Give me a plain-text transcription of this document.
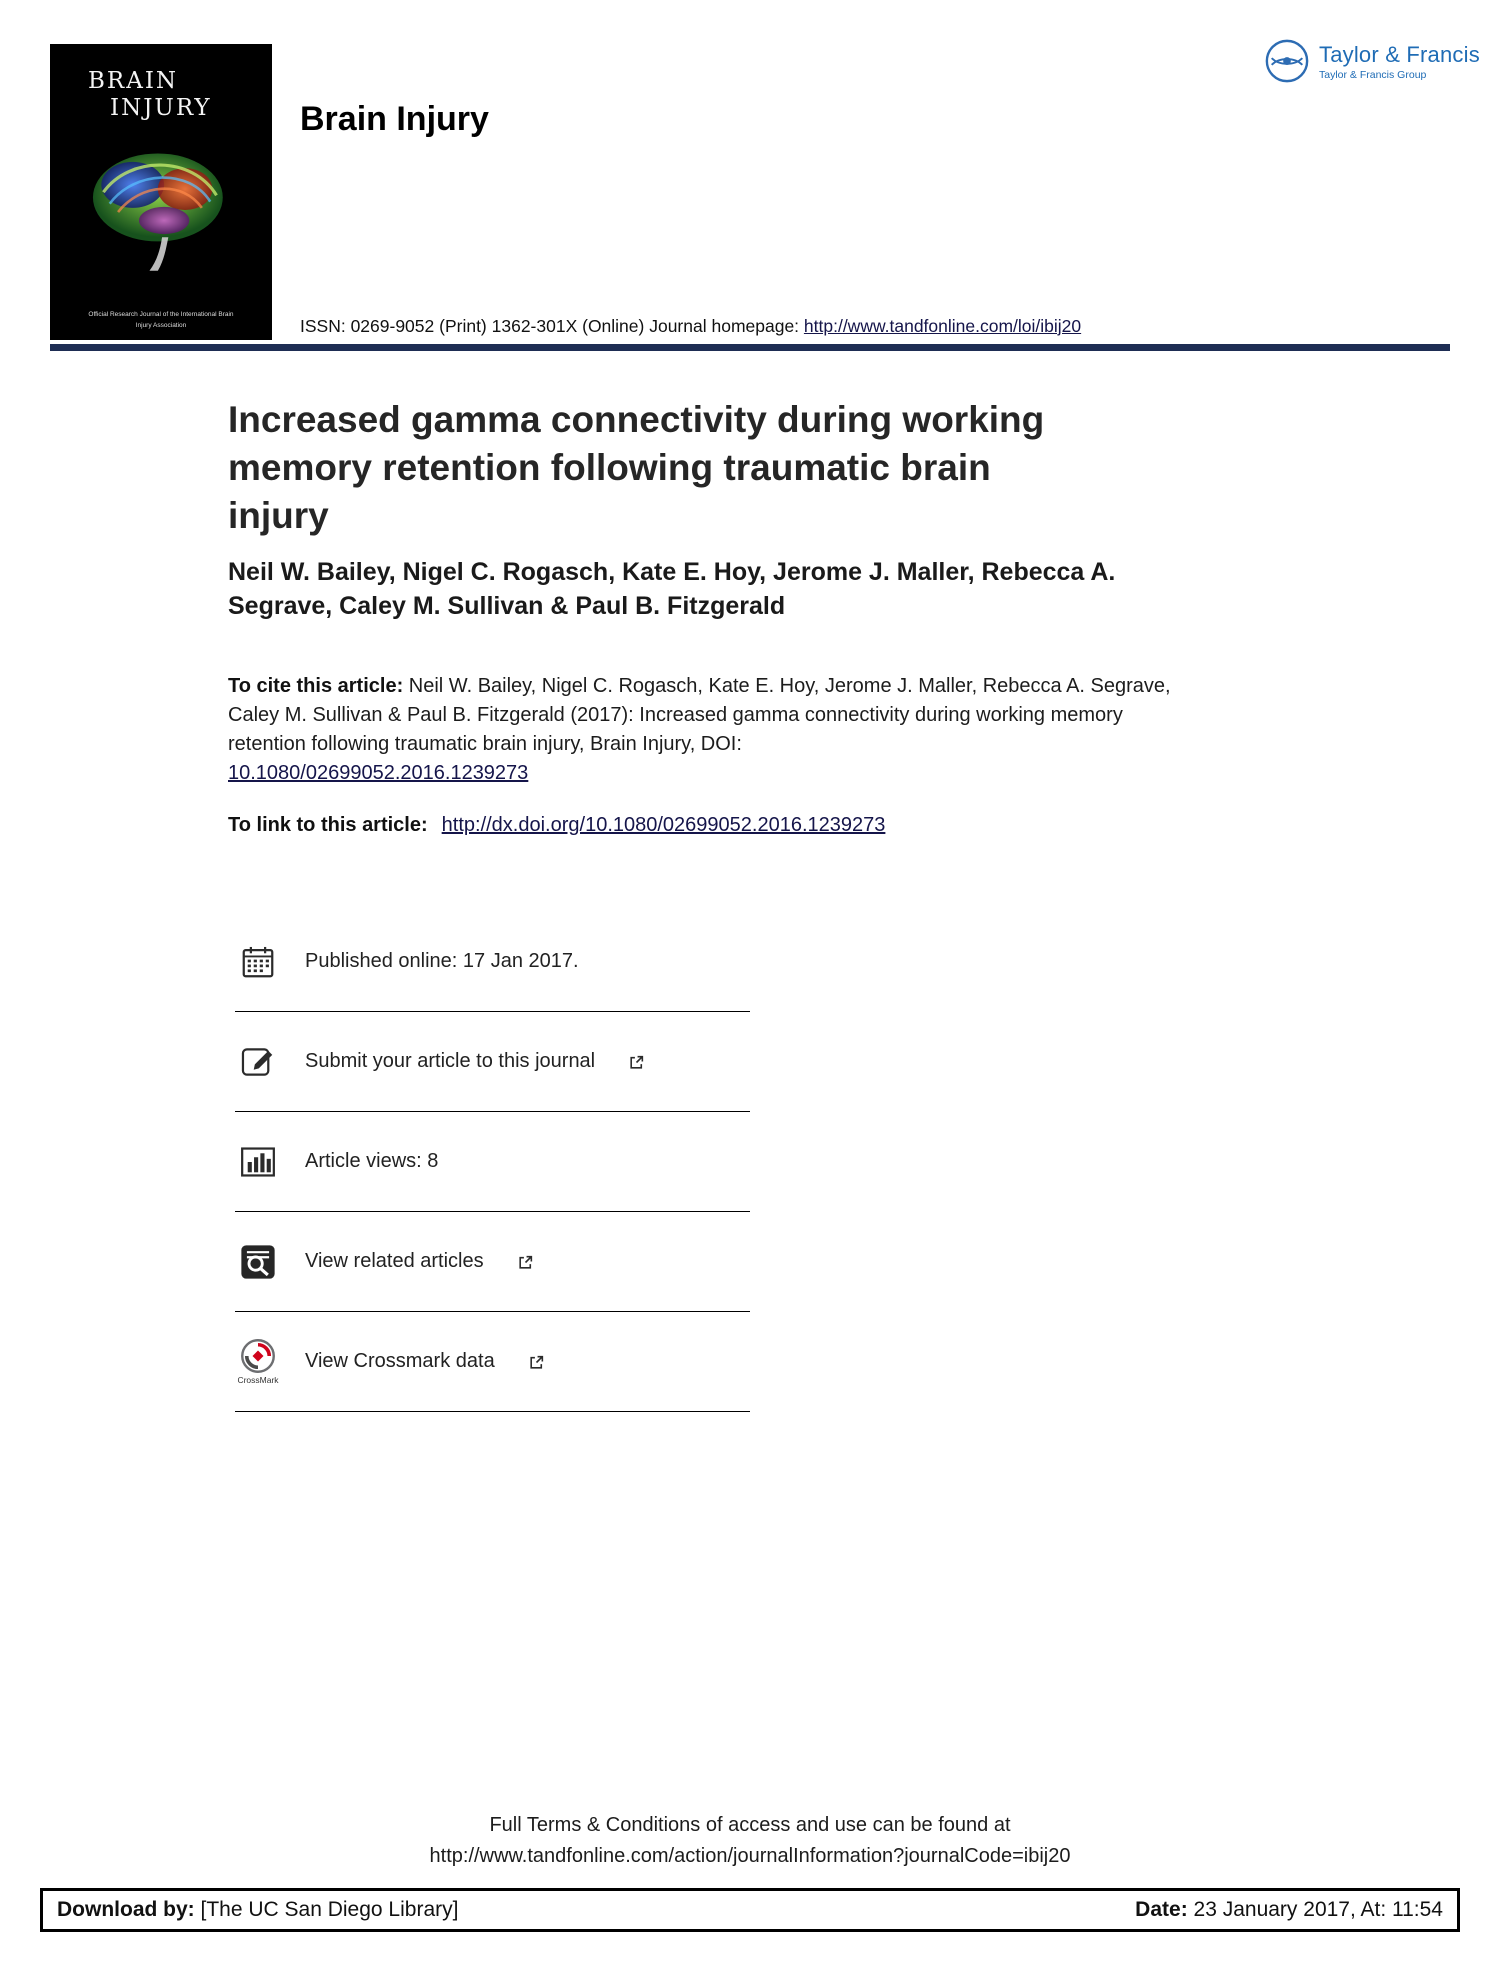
BRAIN
INJURY
Official Research Journal of the International Brain Injury Association
Brain Injury
Taylor & Francis
Taylor & Francis Group
ISSN: 0269-9052 (Print) 1362-301X (Online) Journal homepage: http://www.tandfonline.com/loi/ibij20
Increased gamma connectivity during working memory retention following traumatic brain injury
Neil W. Bailey, Nigel C. Rogasch, Kate E. Hoy, Jerome J. Maller, Rebecca A. Segrave, Caley M. Sullivan & Paul B. Fitzgerald

To cite this article: Neil W. Bailey, Nigel C. Rogasch, Kate E. Hoy, Jerome J. Maller, Rebecca A. Segrave, Caley M. Sullivan & Paul B. Fitzgerald (2017): Increased gamma connectivity during working memory retention following traumatic brain injury, Brain Injury, DOI:
10.1080/02699052.2016.1239273

To link to this article: http://dx.doi.org/10.1080/02699052.2016.1239273

Published online: 17 Jan 2017.
Submit your article to this journal
Article views: 8
View related articles
CrossMark
View Crossmark data
Full Terms & Conditions of access and use can be found at
http://www.tandfonline.com/action/journalInformation?journalCode=ibij20
Download by: [The UC San Diego Library]	Date: 23 January 2017, At: 11:54
